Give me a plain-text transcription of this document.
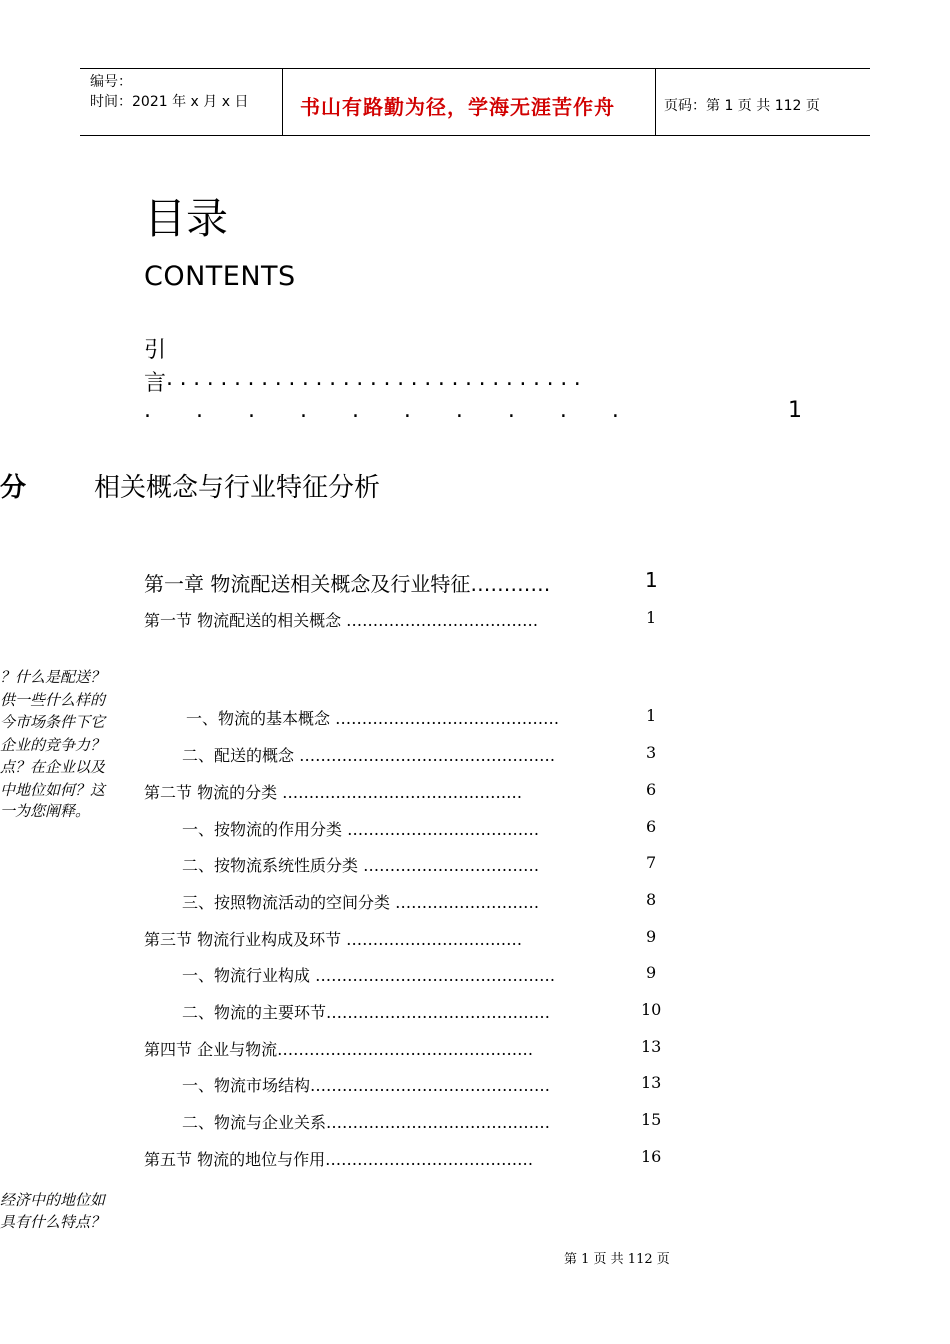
编号：
时间：2021 年 x 月 x 日	书山有路勤为径，学海无涯苦作舟	页码：第 1 页 共 112 页
目录
CONTENTS
引
言 ...............................
. . . . . . . . . .	1
分	相关概念与行业特征分析
第一章 物流配送相关概念及行业特征…………	1
第一节 物流配送的相关概念 ………………………………	1
一、物流的基本概念 ……………………………………	1
二、配送的概念 …………………………………………	3
第二节 物流的分类 ………………………………………	6
一、按物流的作用分类 ………………………………	6
二、按物流系统性质分类 ……………………………	7
三、按照物流活动的空间分类 ………………………	8
第三节 物流行业构成及环节 ……………………………	9
一、物流行业构成 ………………………………………	9
二、物流的主要环节……………………………………	10
第四节 企业与物流…………………………………………	13
一、物流市场结构………………………………………	13
二、物流与企业关系……………………………………	15
第五节 物流的地位与作用…………………………………	16
？什么是配送？
供一些什么样的
今市场条件下它
企业的竞争力？
点？在企业以及
中地位如何？这
一为您阐释。
经济中的地位如
具有什么特点？
第 1 页 共 112 页
